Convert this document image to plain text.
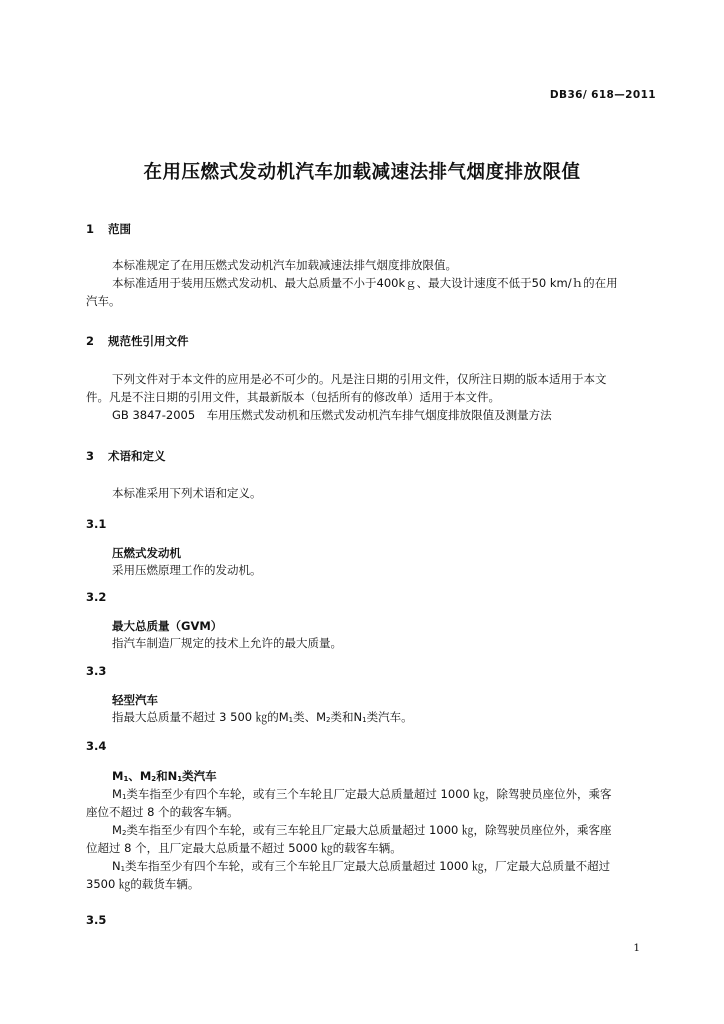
DB36/ 618—2011
在用压燃式发动机汽车加载减速法排气烟度排放限值
1 范围
本标准规定了在用压燃式发动机汽车加载减速法排气烟度排放限值。
本标准适用于装用压燃式发动机、最大总质量不小于400kｇ、最大设计速度不低于50 km/ｈ的在用
汽车。
2 规范性引用文件
下列文件对于本文件的应用是必不可少的。凡是注日期的引用文件，仅所注日期的版本适用于本文
件。凡是不注日期的引用文件，其最新版本（包括所有的修改单）适用于本文件。
GB 3847-2005　车用压燃式发动机和压燃式发动机汽车排气烟度排放限值及测量方法
3 术语和定义
本标准采用下列术语和定义。
3.1
压燃式发动机
采用压燃原理工作的发动机。
3.2
最大总质量（GVM）
指汽车制造厂规定的技术上允许的最大质量。
3.3
轻型汽车
指最大总质量不超过 3 500 ㎏的$M_1$类、$M_2$类和$N_1$类汽车。
3.4
$M_1$、$M_2$和$N_1$类汽车
$M_1$类车指至少有四个车轮，或有三个车轮且厂定最大总质量超过 1000 ㎏，除驾驶员座位外，乘客
座位不超过 8 个的载客车辆。
$M_2$类车指至少有四个车轮，或有三车轮且厂定最大总质量超过 1000 ㎏，除驾驶员座位外，乘客座
位超过 8 个，且厂定最大总质量不超过 5000 ㎏的载客车辆。
$N_1$类车指至少有四个车轮，或有三个车轮且厂定最大总质量超过 1000 ㎏，厂定最大总质量不超过
3500 ㎏的载货车辆。
3.5
1
